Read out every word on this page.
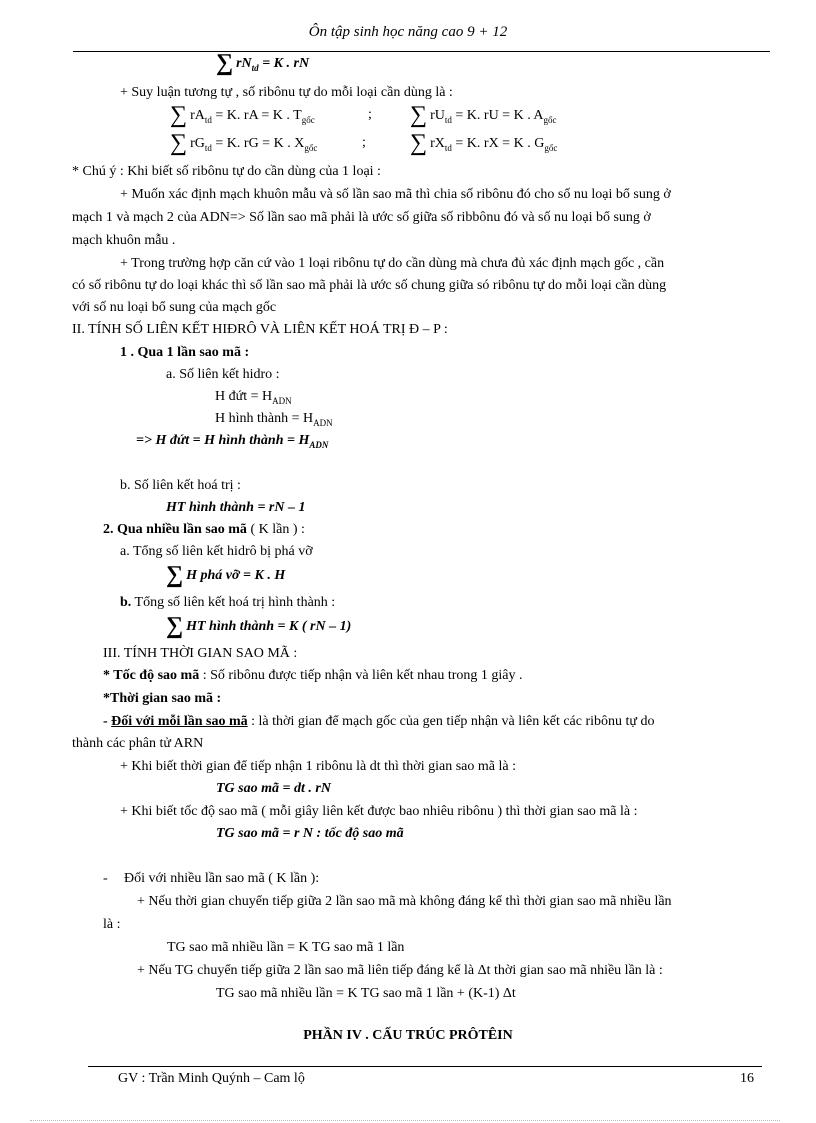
Ôn tập sinh học năng cao 9 + 12
∑ $rN_{td} = K$ . rN
+ Suy luận tương tự , số ribônu tự do mỗi loại cần dùng là :
∑ $rA_{td} = K$. rA = K . $T_{gốc}$	; ∑ $rU_{td} = K$. rU = K . $A_{gốc}$
∑ $rG_{td} = K$. rG = K . $X_{gốc}$	; ∑ $rX_{td} = K$. rX = K . $G_{gốc}$
* Chú ý : Khi biết số ribônu tự do cần dùng của 1 loại :
+ Muốn xác định mạch khuôn mẫu và số lần sao mã thì chia số ribônu đó cho số nu loại bổ sung ở
mạch 1 và mạch 2 của ADN=> Số lần sao mã phải là ước số giữa số ribbônu đó và số nu loại bổ sung ở
mạch khuôn mẫu .
+ Trong trường hợp căn cứ vào 1 loại ribônu tự do cần dùng mà chưa đủ xác định mạch gốc , cần
có số ribônu tự do loại khác thì số lần sao mã phải là ước số chung giữa só ribônu tự do mỗi loại cần dùng
với số nu loại bổ sung của mạch gốc
II. TÍNH SỐ LIÊN KẾT HIĐRÔ VÀ LIÊN KẾT HOÁ TRỊ Đ – P :
1 . Qua 1 lần sao mã :
a. Số liên kết hidro :
H đứt = $H_{ADN}$
H hình thành = $H_{ADN}$
=> H đứt = H hình thành = $H_{ADN}$
b. Số liên kết hoá trị :
HT hình thành = rN – 1
2. Qua nhiều lần sao mã ( K lần ) :
a. Tổng số liên kết hidrô bị phá vỡ
∑ H phá vỡ = K . H
b. Tổng số liên kết hoá trị hình thành :
∑ HT hình thành = K ( rN – 1)
III. TÍNH THỜI GIAN SAO MÃ :
* Tốc độ sao mã : Số ribônu được tiếp nhận và liên kết nhau trong 1 giây .
*Thời gian sao mã :
- Đối với mỗi lần sao mã : là thời gian để mạch gốc của gen tiếp nhận và liên kết các ribônu tự do
thành các phân tử ARN
+ Khi biết thời gian để tiếp nhận 1 ribônu là dt thì thời gian sao mã là :
TG sao mã = dt . rN
+ Khi biết tốc độ sao mã ( mỗi giây liên kết được bao nhiêu ribônu ) thì thời gian sao mã là :
TG sao mã = r N : tốc độ sao mã
- Đối với nhiều lần sao mã ( K lần ):
+ Nếu thời gian chuyển tiếp giữa 2 lần sao mã mà không đáng kể thì thời gian sao mã nhiều lần
là :
TG sao mã nhiều lần = K TG sao mã 1 lần
+ Nếu TG chuyển tiếp giữa 2 lần sao mã liên tiếp đáng kể là Δt thời gian sao mã nhiều lần là :
TG sao mã nhiều lần = K TG sao mã 1 lần + (K-1) Δt
PHẦN IV . CẤU TRÚC PRÔTÊIN
GV : Trần Minh Quýnh – Cam lộ	16
